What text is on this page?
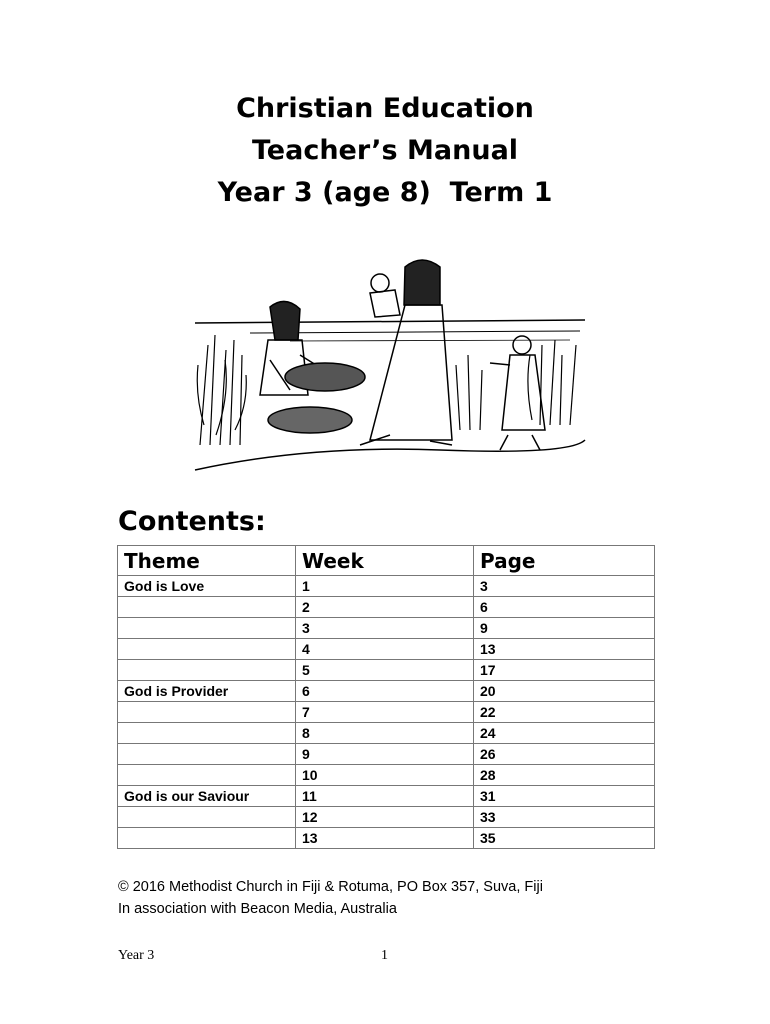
Christian Education
Teacher’s Manual
Year 3 (age 8)  Term 1
Contents:
Theme	Week	Page
God is Love	1	3
	2	6
	3	9
	4	13
	5	17
God is Provider	6	20
	7	22
	8	24
	9	26
	10	28
God is our Saviour	11	31
	12	33
	13	35
© 2016 Methodist Church in Fiji & Rotuma, PO Box 357, Suva, Fiji
In association with Beacon Media, Australia
Year 3	1
